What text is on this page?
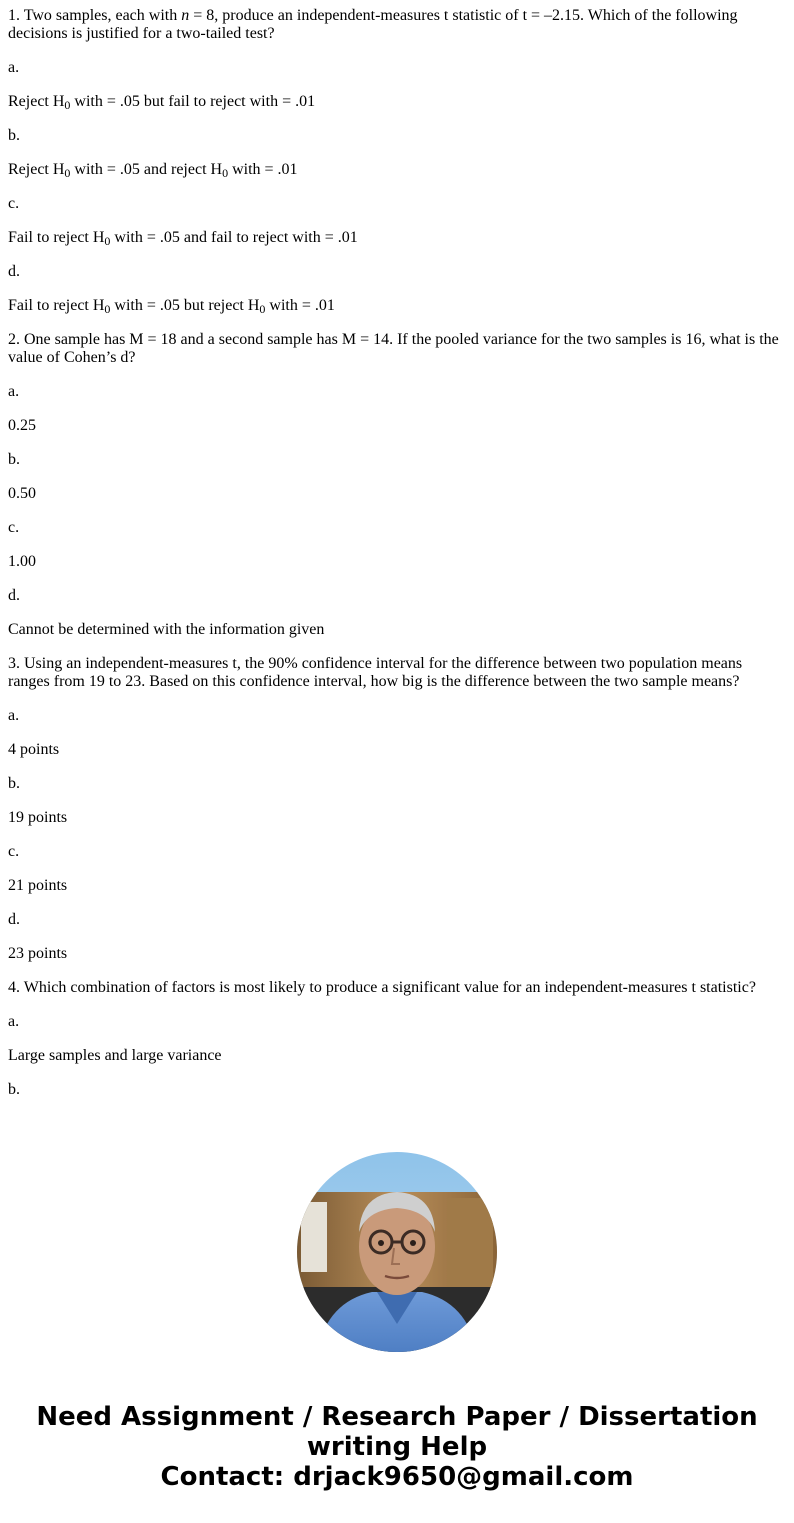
1. Two samples, each with n = 8, produce an independent-measures t statistic of t = –2.15. Which of the following decisions is justified for a two-tailed test?

a.

Reject $H_0$ with = .05 but fail to reject with = .01

b.

Reject $H_0$ with = .05 and reject $H_0$ with = .01

c.

Fail to reject $H_0$ with = .05 and fail to reject with = .01

d.

Fail to reject $H_0$ with = .05 but reject $H_0$ with = .01

2. One sample has M = 18 and a second sample has M = 14. If the pooled variance for the two samples is 16, what is the value of Cohen’s d?

a.

0.25

b.

0.50

c.

1.00

d.

Cannot be determined with the information given

3. Using an independent-measures t, the 90% confidence interval for the difference between two population means ranges from 19 to 23. Based on this confidence interval, how big is the difference between the two sample means?

a.

4 points

b.

19 points

c.

21 points

d.

23 points

4. Which combination of factors is most likely to produce a significant value for an independent-measures t statistic?

a.

Large samples and large variance

b.

Need Assignment / Research Paper / Dissertation
writing Help
Contact: drjack9650@gmail.com
